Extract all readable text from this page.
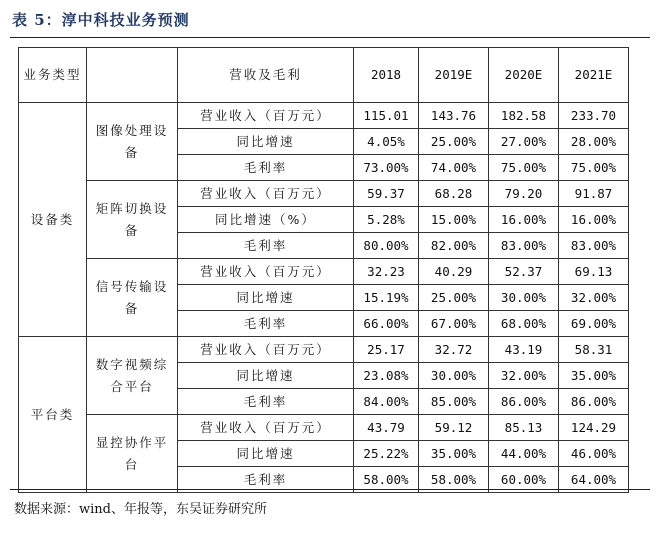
表 5：淳中科技业务预测
业务类型		营收及毛利	2018	2019E	2020E	2021E
设备类	图像处理设备	营业收入（百万元）	115.01	143.76	182.58	233.70
		同比增速	4.05%	25.00%	27.00%	28.00%
		毛利率	73.00%	74.00%	75.00%	75.00%
	矩阵切换设备	营业收入（百万元）	59.37	68.28	79.20	91.87
		同比增速（%）	5.28%	15.00%	16.00%	16.00%
		毛利率	80.00%	82.00%	83.00%	83.00%
	信号传输设备	营业收入（百万元）	32.23	40.29	52.37	69.13
		同比增速	15.19%	25.00%	30.00%	32.00%
		毛利率	66.00%	67.00%	68.00%	69.00%
平台类	数字视频综合平台	营业收入（百万元）	25.17	32.72	43.19	58.31
		同比增速	23.08%	30.00%	32.00%	35.00%
		毛利率	84.00%	85.00%	86.00%	86.00%
	显控协作平台	营业收入（百万元）	43.79	59.12	85.13	124.29
		同比增速	25.22%	35.00%	44.00%	46.00%
		毛利率	58.00%	58.00%	60.00%	64.00%
数据来源：wind、年报等，东吴证券研究所
